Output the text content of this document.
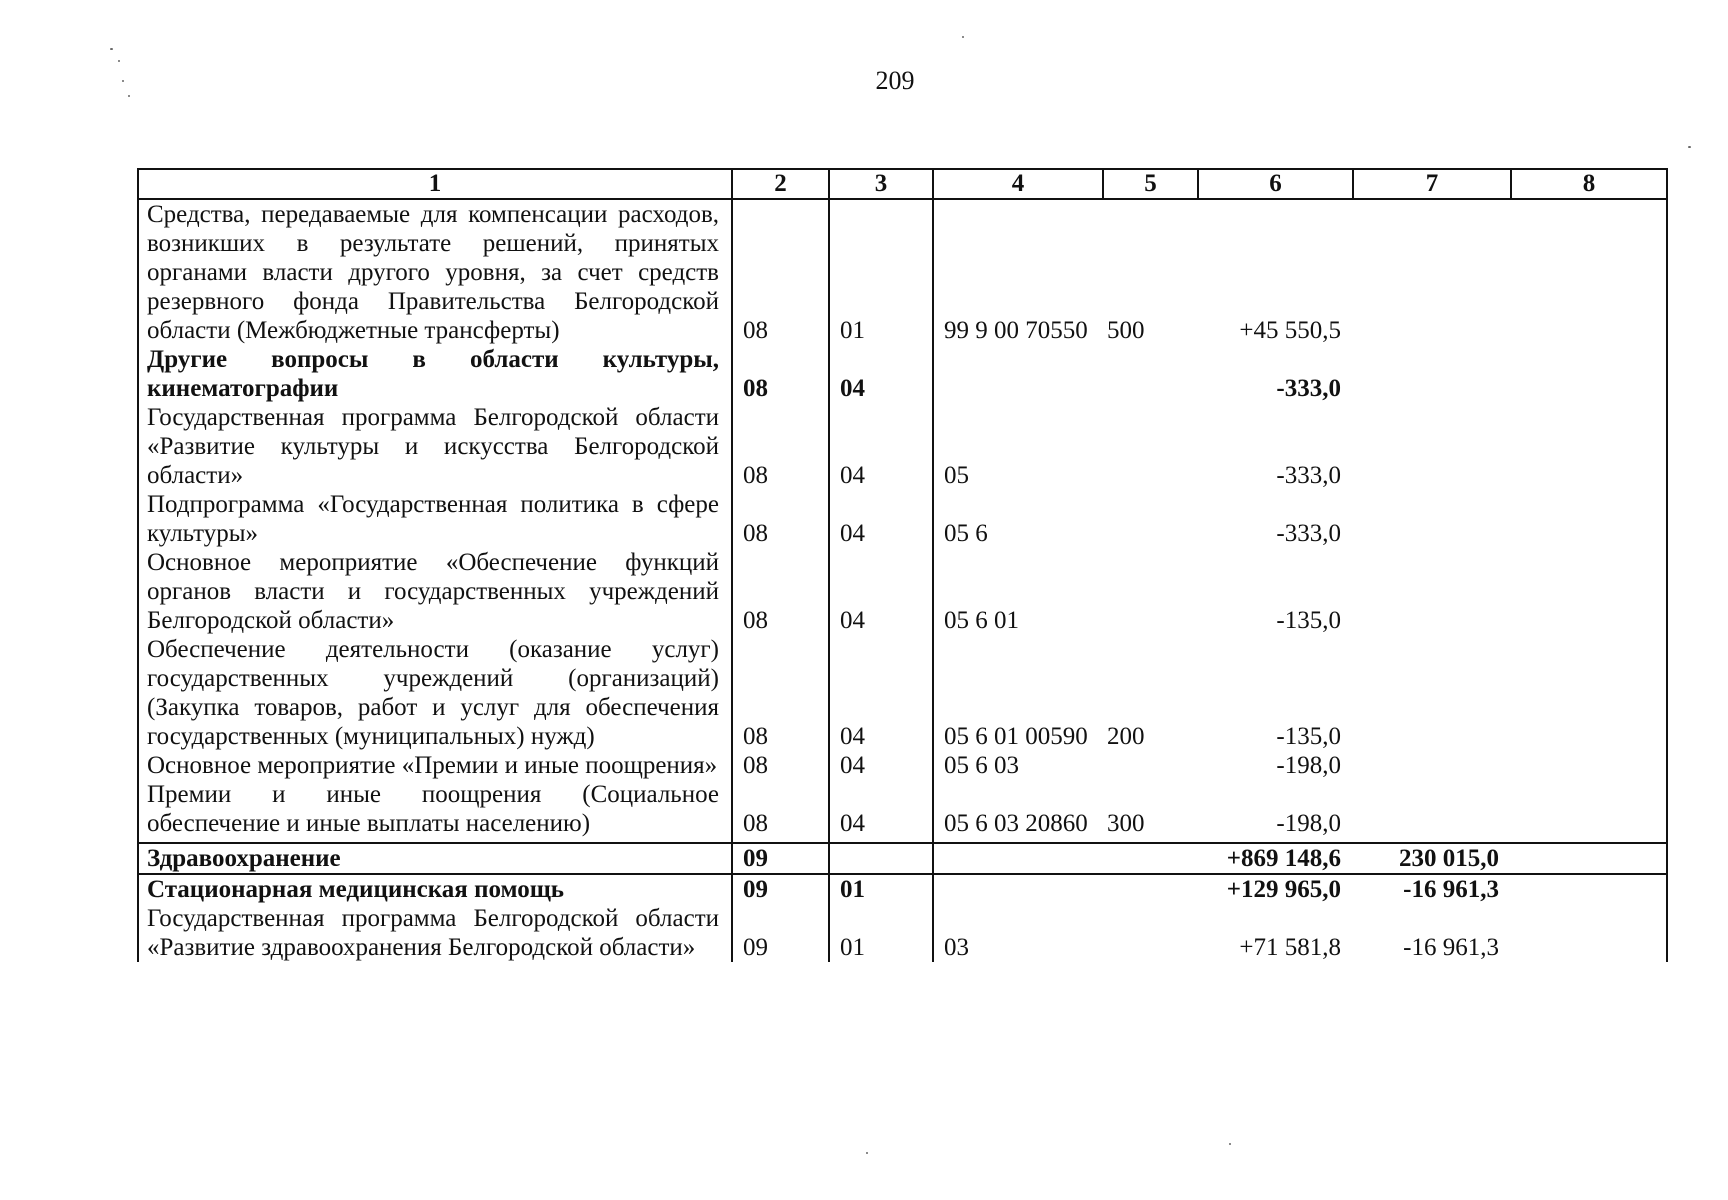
209
1	2	3	4	5	6	7	8
Средства, передаваемые для компенсации расходов, возникших в результате решений, принятых органами власти другого уровня, за счет средств резервного фонда Правительства Белгородской области (Межбюджетные трансферты)	08	01	99 9 00 70550	500	+45 550,5		
Другие вопросы в области культуры, кинематографии	08	04			-333,0		
Государственная программа Белгородской области «Развитие культуры и искусства Белгородской области»	08	04	05		-333,0		
Подпрограмма «Государственная политика в сфере культуры»	08	04	05 6		-333,0		
Основное мероприятие «Обеспечение функций органов власти и государственных учреждений Белгородской области»	08	04	05 6 01		-135,0		
Обеспечение деятельности (оказание услуг) государственных учреждений (организаций) (Закупка товаров, работ и услуг для обеспечения государственных (муниципальных) нужд)	08	04	05 6 01 00590	200	-135,0		
Основное мероприятие «Премии и иные поощрения»	08	04	05 6 03		-198,0		
Премии и иные поощрения (Социальное обеспечение и иные выплаты населению)	08	04	05 6 03 20860	300	-198,0		
Здравоохранение	09				+869 148,6	230 015,0	
Стационарная медицинская помощь	09	01			+129 965,0	-16 961,3	
Государственная программа Белгородской области «Развитие здравоохранения Белгородской области»	09	01	03		+71 581,8	-16 961,3	
